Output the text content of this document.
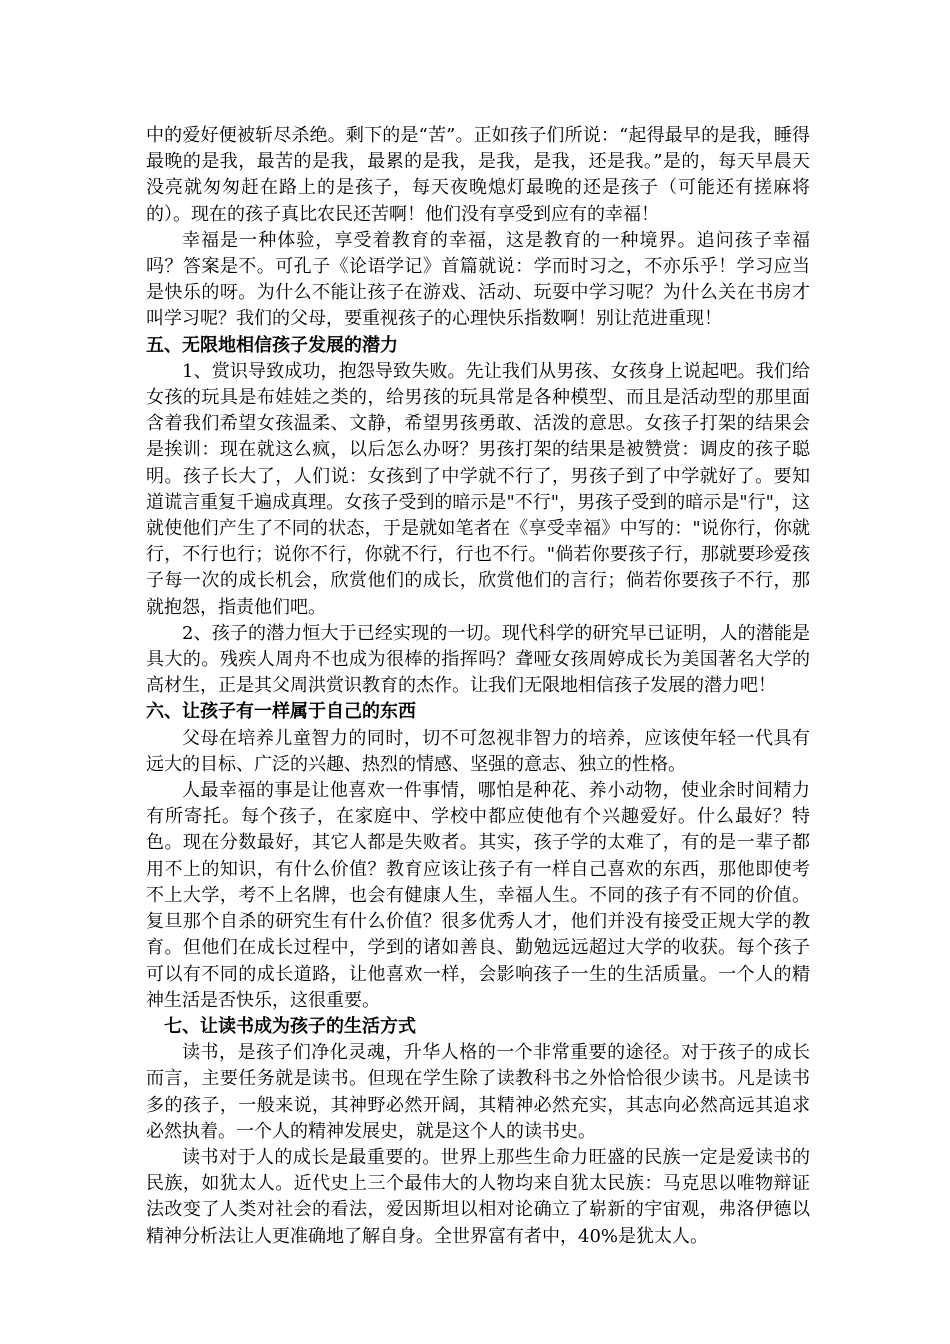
中的爱好便被斩尽杀绝。剩下的是“苦”。正如孩子们所说：“起得最早的是我，睡得最晚的是我，最苦的是我，最累的是我，是我，是我，还是我。”是的，每天早晨天没亮就匆匆赶在路上的是孩子，每天夜晚熄灯最晚的还是孩子（可能还有搓麻将的）。现在的孩子真比农民还苦啊！他们没有享受到应有的幸福！

幸福是一种体验，享受着教育的幸福，这是教育的一种境界。追问孩子幸福吗？答案是不。可孔子《论语学记》首篇就说：学而时习之，不亦乐乎！学习应当是快乐的呀。为什么不能让孩子在游戏、活动、玩耍中学习呢？为什么关在书房才叫学习呢？我们的父母，要重视孩子的心理快乐指数啊！别让范进重现！

五、无限地相信孩子发展的潜力

1、赏识导致成功，抱怨导致失败。先让我们从男孩、女孩身上说起吧。我们给女孩的玩具是布娃娃之类的，给男孩的玩具常是各种模型、而且是活动型的那里面含着我们希望女孩温柔、文静，希望男孩勇敢、活泼的意思。女孩子打架的结果会是挨训：现在就这么疯，以后怎么办呀？男孩打架的结果是被赞赏：调皮的孩子聪明。孩子长大了，人们说：女孩到了中学就不行了，男孩子到了中学就好了。要知道谎言重复千遍成真理。女孩子受到的暗示是"不行"，男孩子受到的暗示是"行"，这就使他们产生了不同的状态，于是就如笔者在《享受幸福》中写的："说你行，你就行，不行也行；说你不行，你就不行，行也不行。"倘若你要孩子行，那就要珍爱孩子每一次的成长机会，欣赏他们的成长，欣赏他们的言行；倘若你要孩子不行，那就抱怨，指责他们吧。

2、孩子的潜力恒大于已经实现的一切。现代科学的研究早已证明，人的潜能是具大的。残疾人周舟不也成为很棒的指挥吗？聋哑女孩周婷成长为美国著名大学的高材生，正是其父周洪赏识教育的杰作。让我们无限地相信孩子发展的潜力吧！

六、让孩子有一样属于自己的东西

父母在培养儿童智力的同时，切不可忽视非智力的培养，应该使年轻一代具有远大的目标、广泛的兴趣、热烈的情感、坚强的意志、独立的性格。

人最幸福的事是让他喜欢一件事情，哪怕是种花、养小动物，使业余时间精力有所寄托。每个孩子，在家庭中、学校中都应使他有个兴趣爱好。什么最好？特色。现在分数最好，其它人都是失败者。其实，孩子学的太难了，有的是一辈子都用不上的知识，有什么价值？教育应该让孩子有一样自己喜欢的东西，那他即使考不上大学，考不上名牌，也会有健康人生，幸福人生。不同的孩子有不同的价值。复旦那个自杀的研究生有什么价值？很多优秀人才，他们并没有接受正规大学的教育。但他们在成长过程中，学到的诸如善良、勤勉远远超过大学的收获。每个孩子可以有不同的成长道路，让他喜欢一样，会影响孩子一生的生活质量。一个人的精神生活是否快乐，这很重要。

七、让读书成为孩子的生活方式

读书，是孩子们净化灵魂，升华人格的一个非常重要的途径。对于孩子的成长而言，主要任务就是读书。但现在学生除了读教科书之外恰恰很少读书。凡是读书多的孩子，一般来说，其神野必然开阔，其精神必然充实，其志向必然高远其追求必然执着。一个人的精神发展史，就是这个人的读书史。

读书对于人的成长是最重要的。世界上那些生命力旺盛的民族一定是爱读书的民族，如犹太人。近代史上三个最伟大的人物均来自犹太民族：马克思以唯物辩证法改变了人类对社会的看法，爱因斯坦以相对论确立了崭新的宇宙观，弗洛伊德以精神分析法让人更准确地了解自身。全世界富有者中，40%是犹太人。
